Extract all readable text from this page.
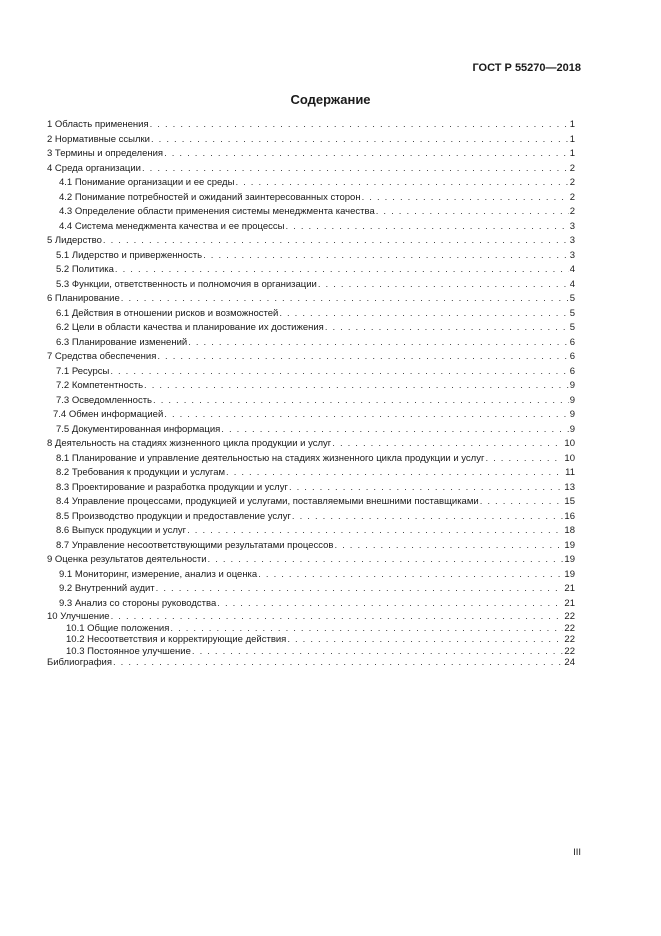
ГОСТ Р 55270—2018
Содержание
1 Область применения . . .	1
2 Нормативные ссылки . . .	1
3 Термины и определения . . .	1
4 Среда организации . . .	2
4.1 Понимание организации и ее среды . . .	2
4.2 Понимание потребностей и ожиданий заинтересованных сторон . . .	2
4.3 Определение области применения системы менеджмента качества . . .	2
4.4 Система менеджмента качества и ее процессы . . .	3
5 Лидерство . . .	3
5.1 Лидерство и приверженность . . .	3
5.2 Политика . . .	4
5.3 Функции, ответственность и полномочия в организации . . .	4
6 Планирование . . .	5
6.1 Действия в отношении рисков и возможностей . . .	5
6.2 Цели в области качества и планирование их достижения . . .	5
6.3 Планирование изменений . . .	6
7 Средства обеспечения . . .	6
7.1 Ресурсы . . .	6
7.2 Компетентность . . .	9
7.3 Осведомленность . . .	9
7.4 Обмен информацией . . .	9
7.5 Документированная информация . . .	9
8 Деятельность на стадиях жизненного цикла продукции и услуг . . .	10
8.1 Планирование и управление деятельностью на стадиях жизненного цикла продукции и услуг . . .	10
8.2 Требования к продукции и услугам . . .	11
8.3 Проектирование и разработка продукции и услуг . . .	13
8.4 Управление процессами, продукцией и услугами, поставляемыми внешними поставщиками . . .	15
8.5 Производство продукции и предоставление услуг . . .	16
8.6 Выпуск продукции и услуг . . .	18
8.7 Управление несоответствующими результатами процессов . . .	19
9 Оценка результатов деятельности . . .	19
9.1 Мониторинг, измерение, анализ и оценка . . .	19
9.2 Внутренний аудит . . .	21
9.3 Анализ со стороны руководства . . .	21
10 Улучшение . . .	22
10.1 Общие положения . . .	22
10.2 Несоответствия и корректирующие действия . . .	22
10.3 Постоянное улучшение . . .	22
Библиография . . .	24
III
